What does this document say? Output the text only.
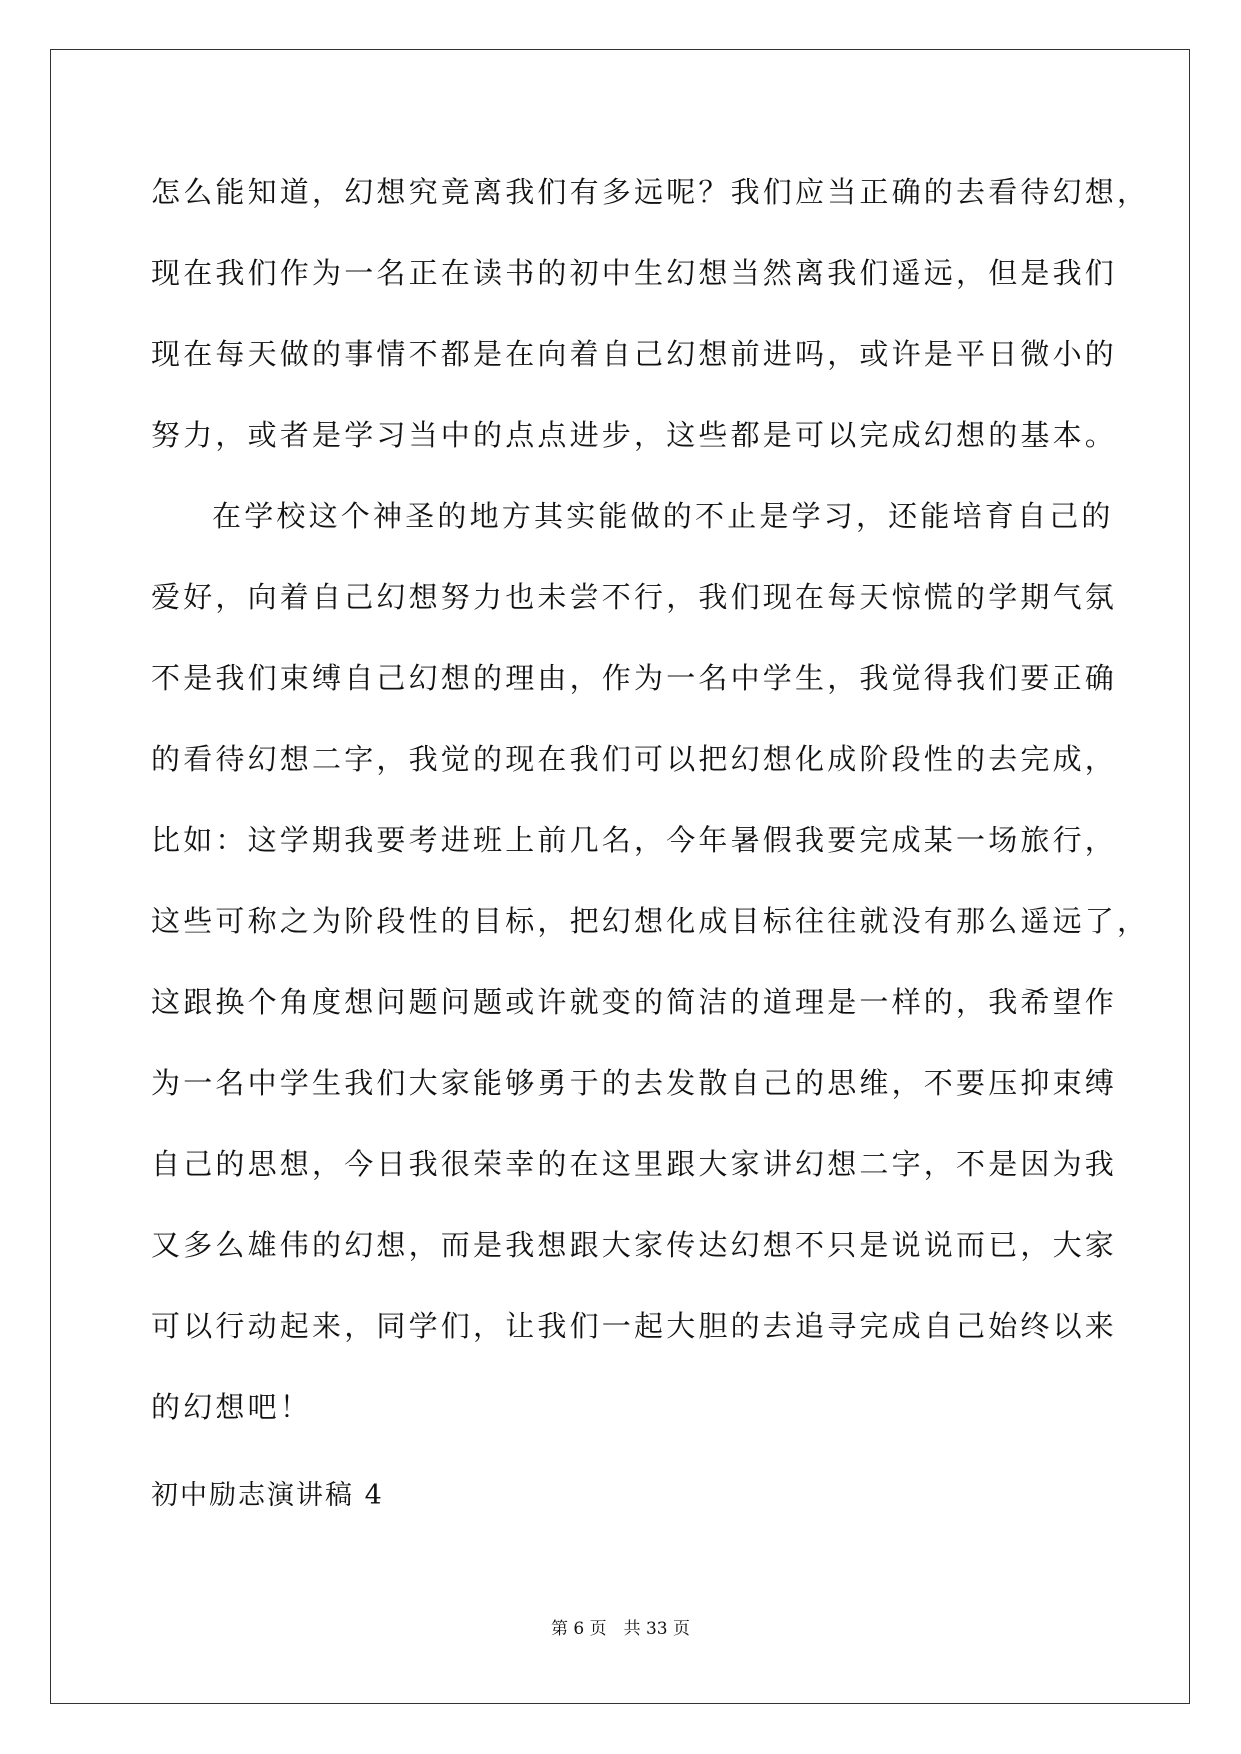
怎么能知道，幻想究竟离我们有多远呢？我们应当正确的去看待幻想，
现在我们作为一名正在读书的初中生幻想当然离我们遥远，但是我们
现在每天做的事情不都是在向着自己幻想前进吗，或许是平日微小的
努力，或者是学习当中的点点进步，这些都是可以完成幻想的基本。
在学校这个神圣的地方其实能做的不止是学习，还能培育自己的
爱好，向着自己幻想努力也未尝不行，我们现在每天惊慌的学期气氛
不是我们束缚自己幻想的理由，作为一名中学生，我觉得我们要正确
的看待幻想二字，我觉的现在我们可以把幻想化成阶段性的去完成，
比如：这学期我要考进班上前几名，今年暑假我要完成某一场旅行，
这些可称之为阶段性的目标，把幻想化成目标往往就没有那么遥远了，
这跟换个角度想问题问题或许就变的简洁的道理是一样的，我希望作
为一名中学生我们大家能够勇于的去发散自己的思维，不要压抑束缚
自己的思想，今日我很荣幸的在这里跟大家讲幻想二字，不是因为我
又多么雄伟的幻想，而是我想跟大家传达幻想不只是说说而已，大家
可以行动起来，同学们，让我们一起大胆的去追寻完成自己始终以来
的幻想吧！
初中励志演讲稿 4
第 6 页　共 33 页
